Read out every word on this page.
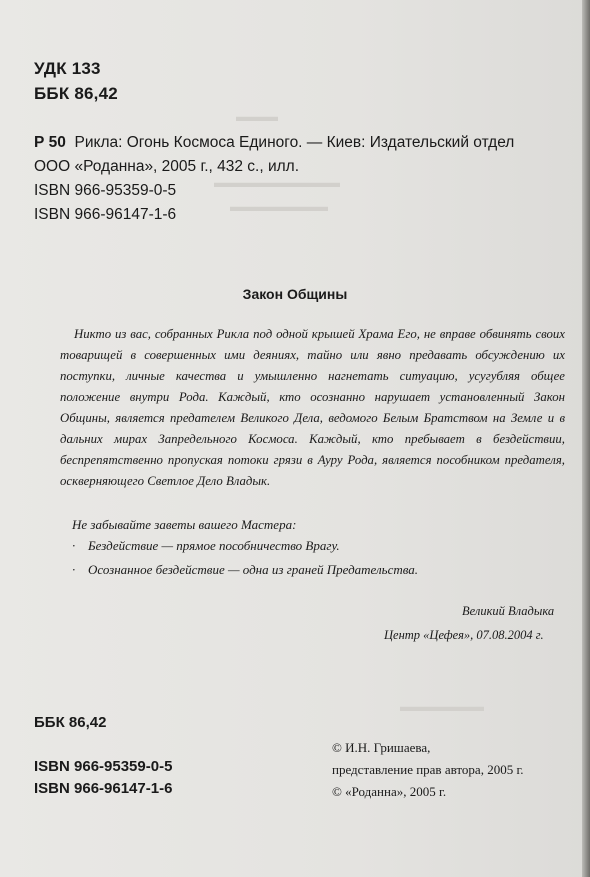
▬▬▬
▬▬▬▬▬▬▬▬▬
▬▬▬▬▬▬▬
▬▬▬▬▬▬
УДК 133
ББК 86,42
Р 50 Рикла: Огонь Космоса Единого. — Киев: Издательский отдел
ООО «Роданна», 2005 г., 432 с., илл.
ISBN 966-95359-0-5
ISBN 966-96147-1-6
Закон Общины
Никто из вас, собранных Рикла под одной крышей Храма Его, не вправе обвинять своих товарищей в совершенных ими деяниях, тайно или явно предавать обсуждению их поступки, личные качества и умышленно нагнетать ситуацию, усугубляя общее положение внутри Рода. Каждый, кто осознанно нарушает установленный Закон Общины, является предателем Великого Дела, ведомого Белым Братством на Земле и в дальних мирах Запредельного Космоса. Каждый, кто пребывает в бездействии, беспрепятственно пропуская потоки грязи в Ауру Рода, является пособником предателя, оскверняющего Светлое Дело Владык.
Не забывайте заветы вашего Мастера:
· Бездействие — прямое пособничество Врагу.
· Осознанное бездействие — одна из граней Предательства.
Великий Владыка
Центр «Цефея», 07.08.2004 г.
ББК 86,42
ISBN 966-95359-0-5
ISBN 966-96147-1-6
© И.Н. Гришаева,
представление прав автора, 2005 г.
© «Роданна», 2005 г.
